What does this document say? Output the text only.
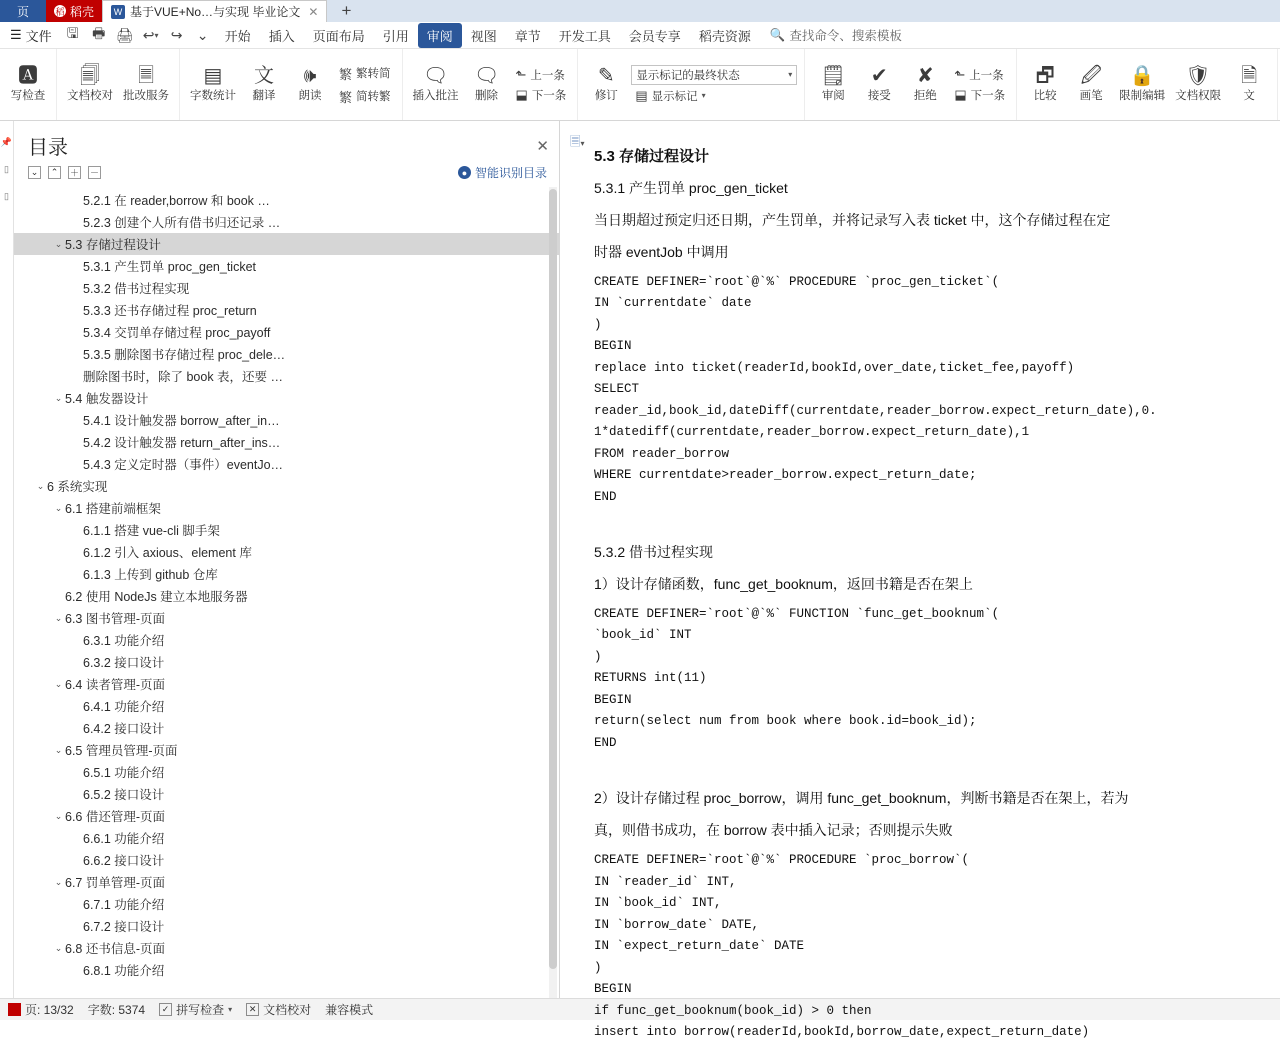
页	稻 稻壳	W 基于VUE+No…与实现 毕业论文 ✕ +
☰ 文件	🖫 🖶 🖨 ↩ ▾ ↪	⌄	开始	插入	页面布局	引用	审阅	视图	章节	开发工具	会员专享	稻壳资源	🔍 查找命令、搜索模板
🅰
写检查
🗐
文档校对
🗏
批改服务
▤
字数统计
文
翻译
🕪
朗读
繁 繁转简
繁 简转繁
🗨
插入批注
🗨
删除
⬑ 上一条
⬓ 下一条
✎
修订
显示标记的最终状态	▾
▤ 显示标记 ▾
🗒
审阅
✔
接受
✘
拒绝
⬑ 上一条
⬓ 下一条
🗗
比较
🖉
画笔
🔒
限制编辑
🛡
文档权限
🗎
文
📌
▯
▯
目录	✕
⌄	⌃	＋ －	● 智能识别目录
5.2.1 在 reader,borrow 和 book …
5.2.3 创建个人所有借书归还记录 …
⌄ 5.3 存储过程设计
5.3.1 产生罚单 proc_gen_ticket
5.3.2 借书过程实现
5.3.3 还书存储过程 proc_return
5.3.4 交罚单存储过程 proc_payoff
5.3.5 删除图书存储过程 proc_dele…
删除图书时，除了 book 表，还要 …
⌄ 5.4 触发器设计
5.4.1 设计触发器 borrow_after_in…
5.4.2 设计触发器 return_after_ins…
5.4.3 定义定时器（事件）eventJo…
⌄ 6 系统实现
⌄ 6.1 搭建前端框架
6.1.1 搭建 vue-cli 脚手架
6.1.2 引入 axious、element 库
6.1.3 上传到 github 仓库
6.2 使用 NodeJs 建立本地服务器
⌄ 6.3 图书管理-页面
6.3.1 功能介绍
6.3.2 接口设计
⌄ 6.4 读者管理-页面
6.4.1 功能介绍
6.4.2 接口设计
⌄ 6.5 管理员管理-页面
6.5.1 功能介绍
6.5.2 接口设计
⌄ 6.6 借还管理-页面
6.6.1 功能介绍
6.6.2 接口设计
⌄ 6.7 罚单管理-页面
6.7.1 功能介绍
6.7.2 接口设计
⌄ 6.8 还书信息-页面
6.8.1 功能介绍
🗏▾
5.3 存储过程设计
5.3.1 产生罚单 proc_gen_ticket
当日期超过预定归还日期，产生罚单，并将记录写入表 ticket 中，这个存储过程在定
时器 eventJob 中调用
CREATE DEFINER=`root`@`%` PROCEDURE `proc_gen_ticket`(
IN `currentdate` date
)
BEGIN
replace into ticket(readerId,bookId,over_date,ticket_fee,payoff)
SELECT
reader_id,book_id,dateDiff(currentdate,reader_borrow.expect_return_date),0.
1*datediff(currentdate,reader_borrow.expect_return_date),1
FROM reader_borrow
WHERE currentdate>reader_borrow.expect_return_date;
END
5.3.2 借书过程实现
1）设计存储函数，func_get_booknum，返回书籍是否在架上
CREATE DEFINER=`root`@`%` FUNCTION `func_get_booknum`(
`book_id` INT
)
RETURNS int(11)
BEGIN
return(select num from book where book.id=book_id);
END
2）设计存储过程 proc_borrow，调用 func_get_booknum，判断书籍是否在架上，若为
真，则借书成功，在 borrow 表中插入记录；否则提示失败
CREATE DEFINER=`root`@`%` PROCEDURE `proc_borrow`(
IN `reader_id` INT,
IN `book_id` INT,
IN `borrow_date` DATE,
IN `expect_return_date` DATE
)
BEGIN
if func_get_booknum(book_id) > 0 then
insert into borrow(readerId,bookId,borrow_date,expect_return_date)
页: 13/32 字数: 5374	✓ 拼写检查 ▾	✕ 文档校对 兼容模式
